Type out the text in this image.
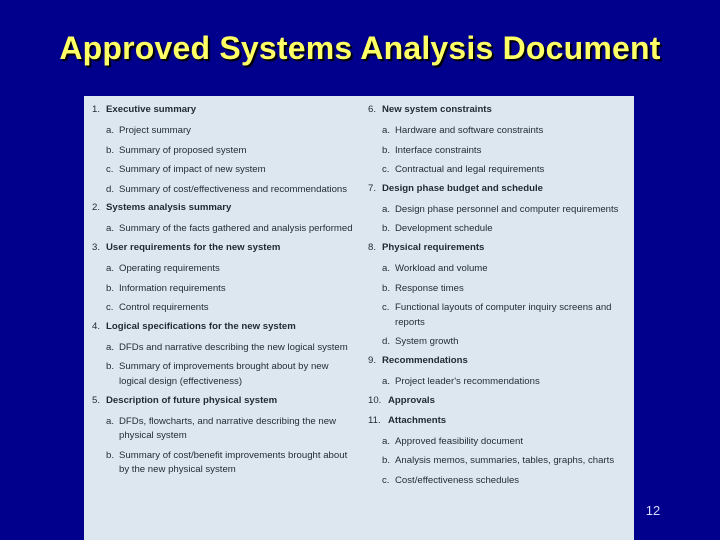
Approved Systems Analysis Document
1. Executive summary
a. Project summary
b. Summary of proposed system
c. Summary of impact of new system
d. Summary of cost/effectiveness and recommendations
2. Systems analysis summary
a. Summary of the facts gathered and analysis performed
3. User requirements for the new system
a. Operating requirements
b. Information requirements
c. Control requirements
4. Logical specifications for the new system
a. DFDs and narrative describing the new logical system
b. Summary of improvements brought about by new logical design (effectiveness)
5. Description of future physical system
a. DFDs, flowcharts, and narrative describing the new physical system
b. Summary of cost/benefit improvements brought about by the new physical system
6. New system constraints
a. Hardware and software constraints
b. Interface constraints
c. Contractual and legal requirements
7. Design phase budget and schedule
a. Design phase personnel and computer requirements
b. Development schedule
8. Physical requirements
a. Workload and volume
b. Response times
c. Functional layouts of computer inquiry screens and reports
d. System growth
9. Recommendations
a. Project leader's recommendations
10. Approvals
11. Attachments
a. Approved feasibility document
b. Analysis memos, summaries, tables, graphs, charts
c. Cost/effectiveness schedules
12
